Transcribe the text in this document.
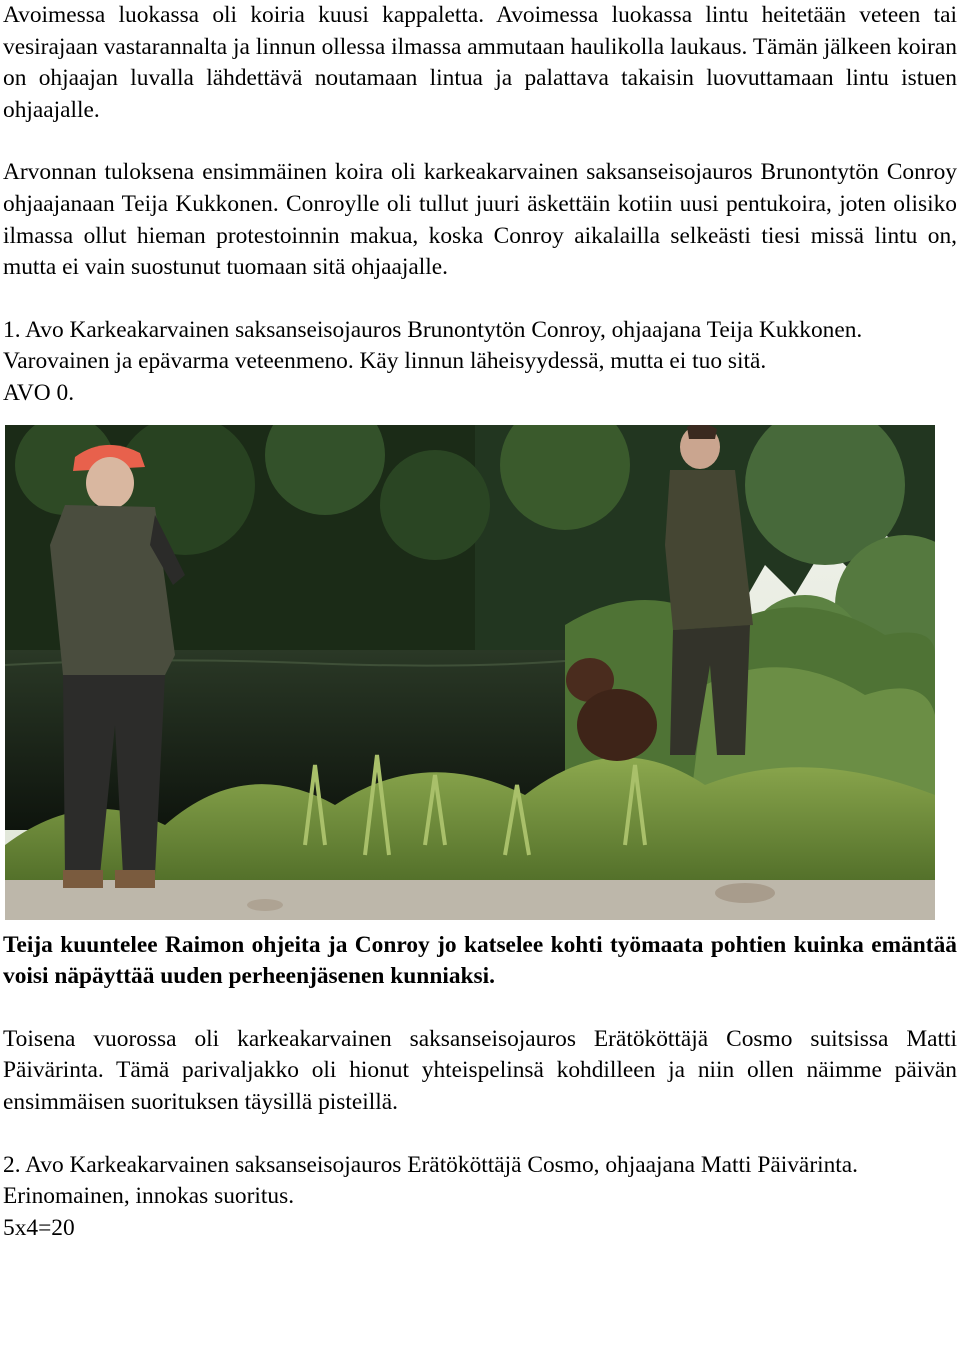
Avoimessa luokassa oli koiria kuusi kappaletta. Avoimessa luokassa lintu heitetään veteen tai vesirajaan vastarannalta ja linnun ollessa ilmassa ammutaan haulikolla laukaus. Tämän jälkeen koiran on ohjaajan luvalla lähdettävä noutamaan lintua ja palattava takaisin luovuttamaan lintu istuen ohjaajalle.

Arvonnan tuloksena ensimmäinen koira oli karkeakarvainen saksanseisojauros Brunontytön Conroy ohjaajanaan Teija Kukkonen. Conroylle oli tullut juuri äskettäin kotiin uusi pentukoira, joten olisiko ilmassa ollut hieman protestoinnin makua, koska Conroy aikalailla selkeästi tiesi missä lintu on, mutta ei vain suostunut tuomaan sitä ohjaajalle.

1. Avo Karkeakarvainen saksanseisojauros Brunontytön Conroy, ohjaajana Teija Kukkonen.

Varovainen ja epävarma veteenmeno. Käy linnun läheisyydessä, mutta ei tuo sitä.

AVO 0.

Teija kuuntelee Raimon ohjeita ja Conroy jo katselee kohti työmaata pohtien kuinka emäntää voisi näpäyttää uuden perheenjäsenen kunniaksi.

Toisena vuorossa oli karkeakarvainen saksanseisojauros Erätököttäjä Cosmo suitsissa Matti Päivärinta. Tämä parivaljakko oli hionut yhteispelinsä kohdilleen ja niin ollen näimme päivän ensimmäisen suorituksen täysillä pisteillä.

2. Avo Karkeakarvainen saksanseisojauros Erätököttäjä Cosmo, ohjaajana Matti Päivärinta.

Erinomainen, innokas suoritus.

5x4=20
